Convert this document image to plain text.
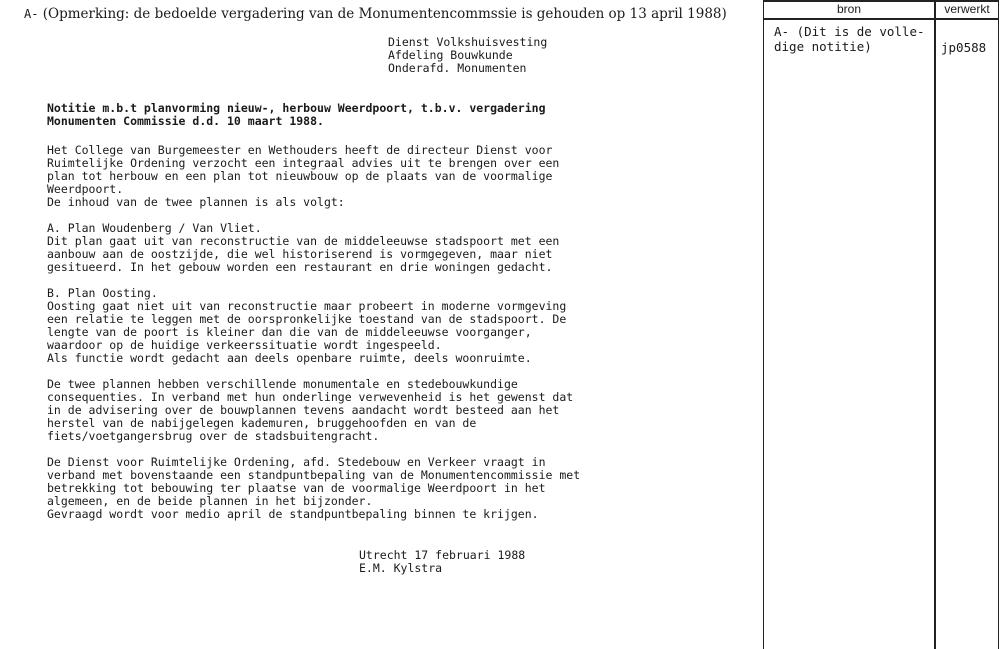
A- (Opmerking: de bedoelde vergadering van de Monumentencommssie is gehouden op 13 april 1988)
Dienst Volkshuisvesting
Afdeling Bouwkunde
Onderafd. Monumenten
Notitie m.b.t planvorming nieuw-, herbouw Weerdpoort, t.b.v. vergadering
Monumenten Commissie d.d. 10 maart 1988.
Het College van Burgemeester en Wethouders heeft de directeur Dienst voor
Ruimtelijke Ordening verzocht een integraal advies uit te brengen over een
plan tot herbouw en een plan tot nieuwbouw op de plaats van de voormalige
Weerdpoort.
De inhoud van de twee plannen is als volgt:
A. Plan Woudenberg / Van Vliet.
Dit plan gaat uit van reconstructie van de middeleeuwse stadspoort met een
aanbouw aan de oostzijde, die wel historiserend is vormgegeven, maar niet
gesitueerd. In het gebouw worden een restaurant en drie woningen gedacht.
B. Plan Oosting.
Oosting gaat niet uit van reconstructie maar probeert in moderne vormgeving
een relatie te leggen met de oorspronkelijke toestand van de stadspoort. De
lengte van de poort is kleiner dan die van de middeleeuwse voorganger,
waardoor op de huidige verkeerssituatie wordt ingespeeld.
Als functie wordt gedacht aan deels openbare ruimte, deels woonruimte.
De twee plannen hebben verschillende monumentale en stedebouwkundige
consequenties. In verband met hun onderlinge verwevenheid is het gewenst dat
in de advisering over de bouwplannen tevens aandacht wordt besteed aan het
herstel van de nabijgelegen kademuren, bruggehoofden en van de
fiets/voetgangersbrug over de stadsbuitengracht.
De Dienst voor Ruimtelijke Ordening, afd. Stedebouw en Verkeer vraagt in
verband met bovenstaande een standpuntbepaling van de Monumentencommissie met
betrekking tot bebouwing ter plaatse van de voormalige Weerdpoort in het
algemeen, en de beide plannen in het bijzonder.
Gevraagd wordt voor medio april de standpuntbepaling binnen te krijgen.
Utrecht 17 februari 1988
E.M. Kylstra
bron	verwerkt
A- (Dit is de volle-
dige notitie)	jp0588
